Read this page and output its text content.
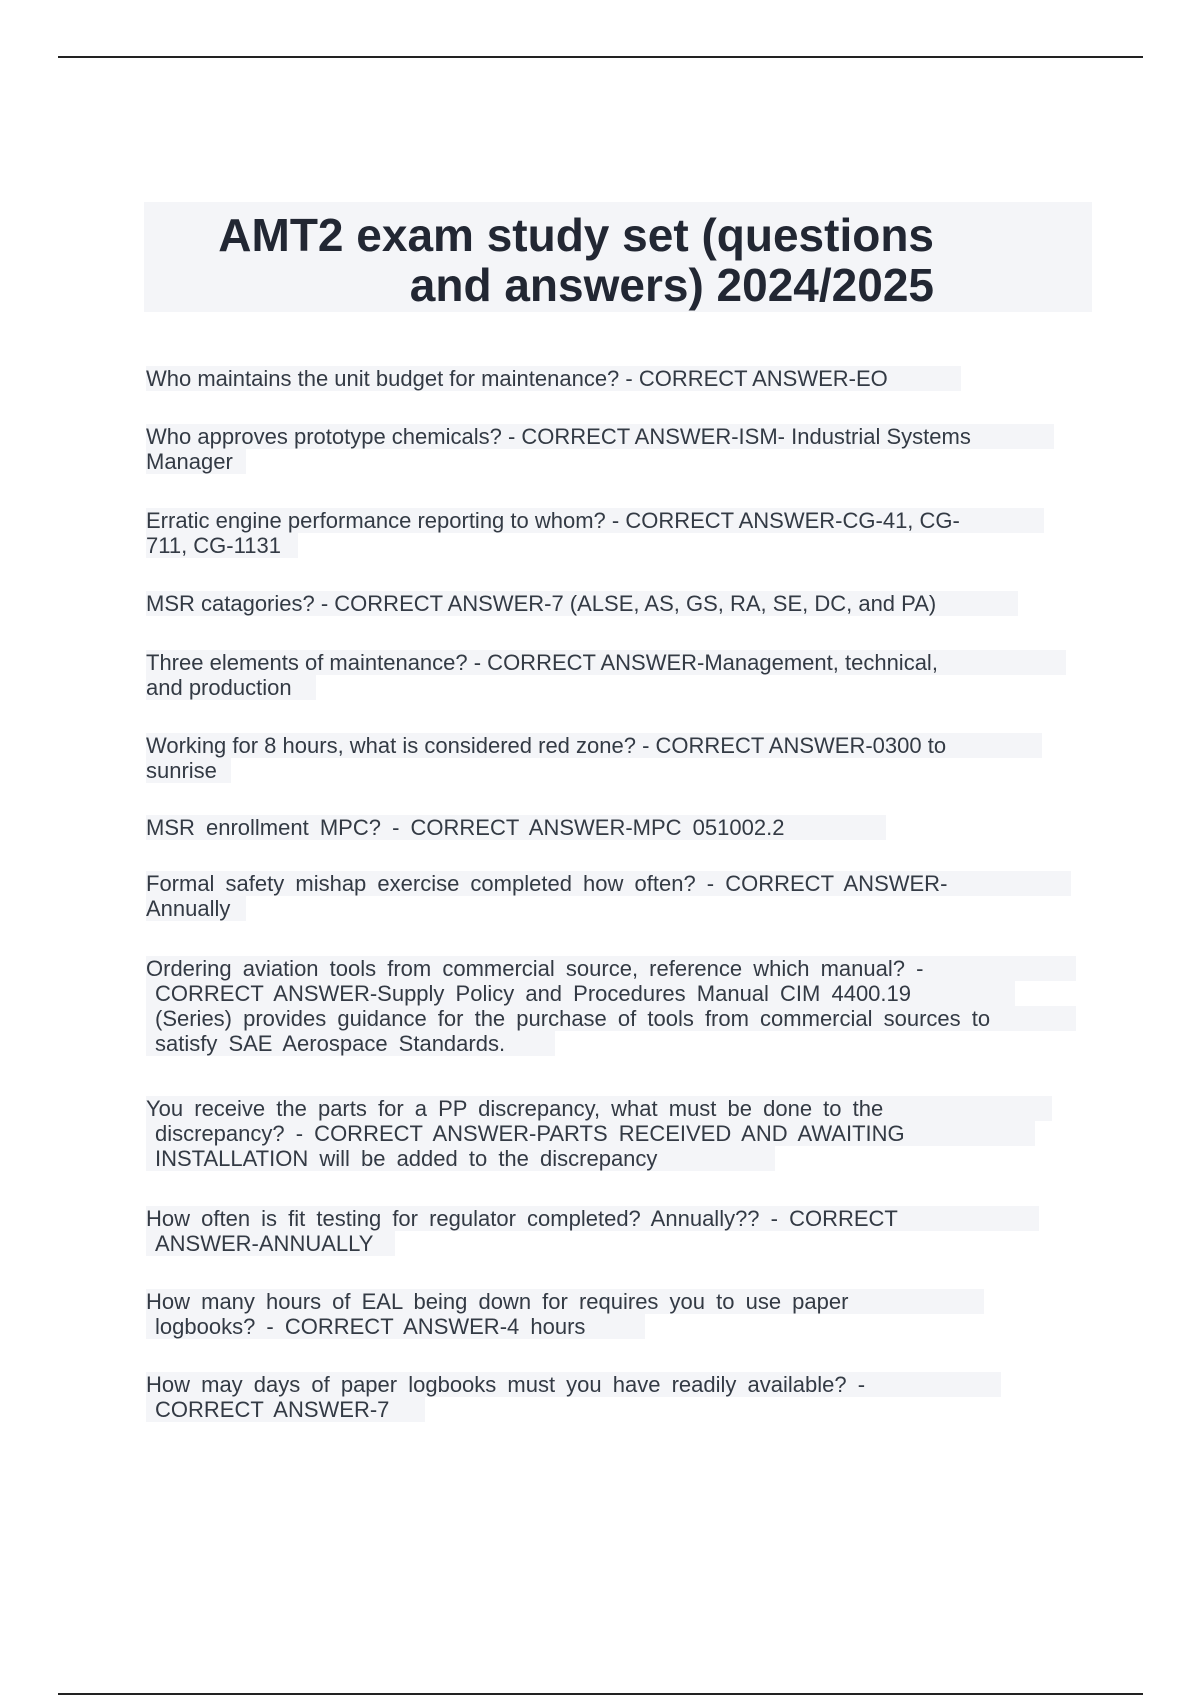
AMT2 exam study set (questions
and answers) 2024/2025
Who maintains the unit budget for maintenance? - CORRECT ANSWER-EO
Who approves prototype chemicals? - CORRECT ANSWER-ISM- Industrial Systems
Manager
Erratic engine performance reporting to whom? - CORRECT ANSWER-CG-41, CG-
711, CG-1131
MSR catagories? - CORRECT ANSWER-7 (ALSE, AS, GS, RA, SE, DC, and PA)
Three elements of maintenance? - CORRECT ANSWER-Management, technical,
and production
Working for 8 hours, what is considered red zone? - CORRECT ANSWER-0300 to
sunrise
MSR enrollment MPC? - CORRECT ANSWER-MPC 051002.2
Formal safety mishap exercise completed how often? - CORRECT ANSWER-
Annually
Ordering aviation tools from commercial source, reference which manual? -
CORRECT ANSWER-Supply Policy and Procedures Manual CIM 4400.19
(Series) provides guidance for the purchase of tools from commercial sources to
satisfy SAE Aerospace Standards.
You receive the parts for a PP discrepancy, what must be done to the
discrepancy? - CORRECT ANSWER-PARTS RECEIVED AND AWAITING
INSTALLATION will be added to the discrepancy
How often is fit testing for regulator completed? Annually?? - CORRECT
ANSWER-ANNUALLY
How many hours of EAL being down for requires you to use paper
logbooks? - CORRECT ANSWER-4 hours
How may days of paper logbooks must you have readily available? -
CORRECT ANSWER-7
